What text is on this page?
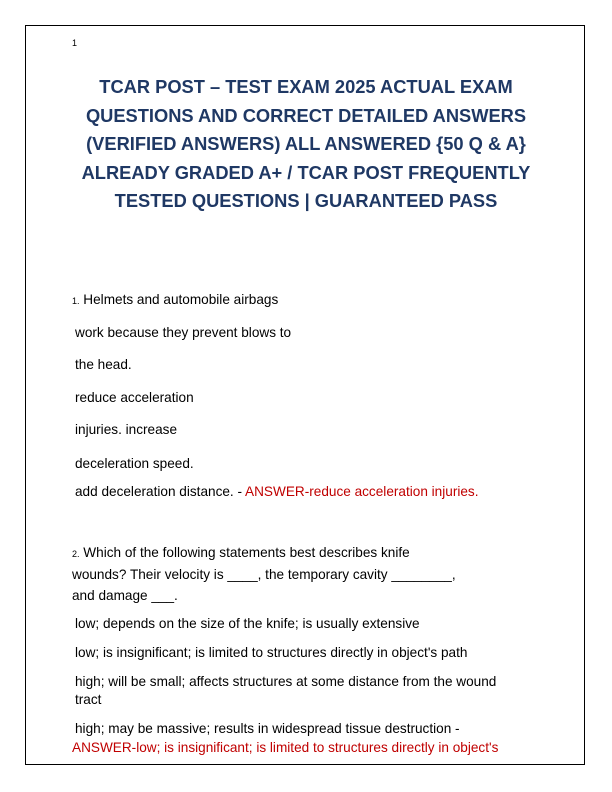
1
TCAR POST – TEST EXAM 2025 ACTUAL EXAM
QUESTIONS AND CORRECT DETAILED ANSWERS
(VERIFIED ANSWERS) ALL ANSWERED {50 Q & A}
ALREADY GRADED A+ / TCAR POST FREQUENTLY
TESTED QUESTIONS | GUARANTEED PASS
1. Helmets and automobile airbags
work because they prevent blows to
the head.
reduce acceleration
injuries. increase
deceleration speed.
add deceleration distance. - ANSWER-reduce acceleration injuries.
2. Which of the following statements best describes knife
wounds? Their velocity is ____, the temporary cavity ________,
and damage ___.
low; depends on the size of the knife; is usually extensive
low; is insignificant; is limited to structures directly in object's path
high; will be small; affects structures at some distance from the wound
tract
high; may be massive; results in widespread tissue destruction -
ANSWER-low; is insignificant; is limited to structures directly in object's
